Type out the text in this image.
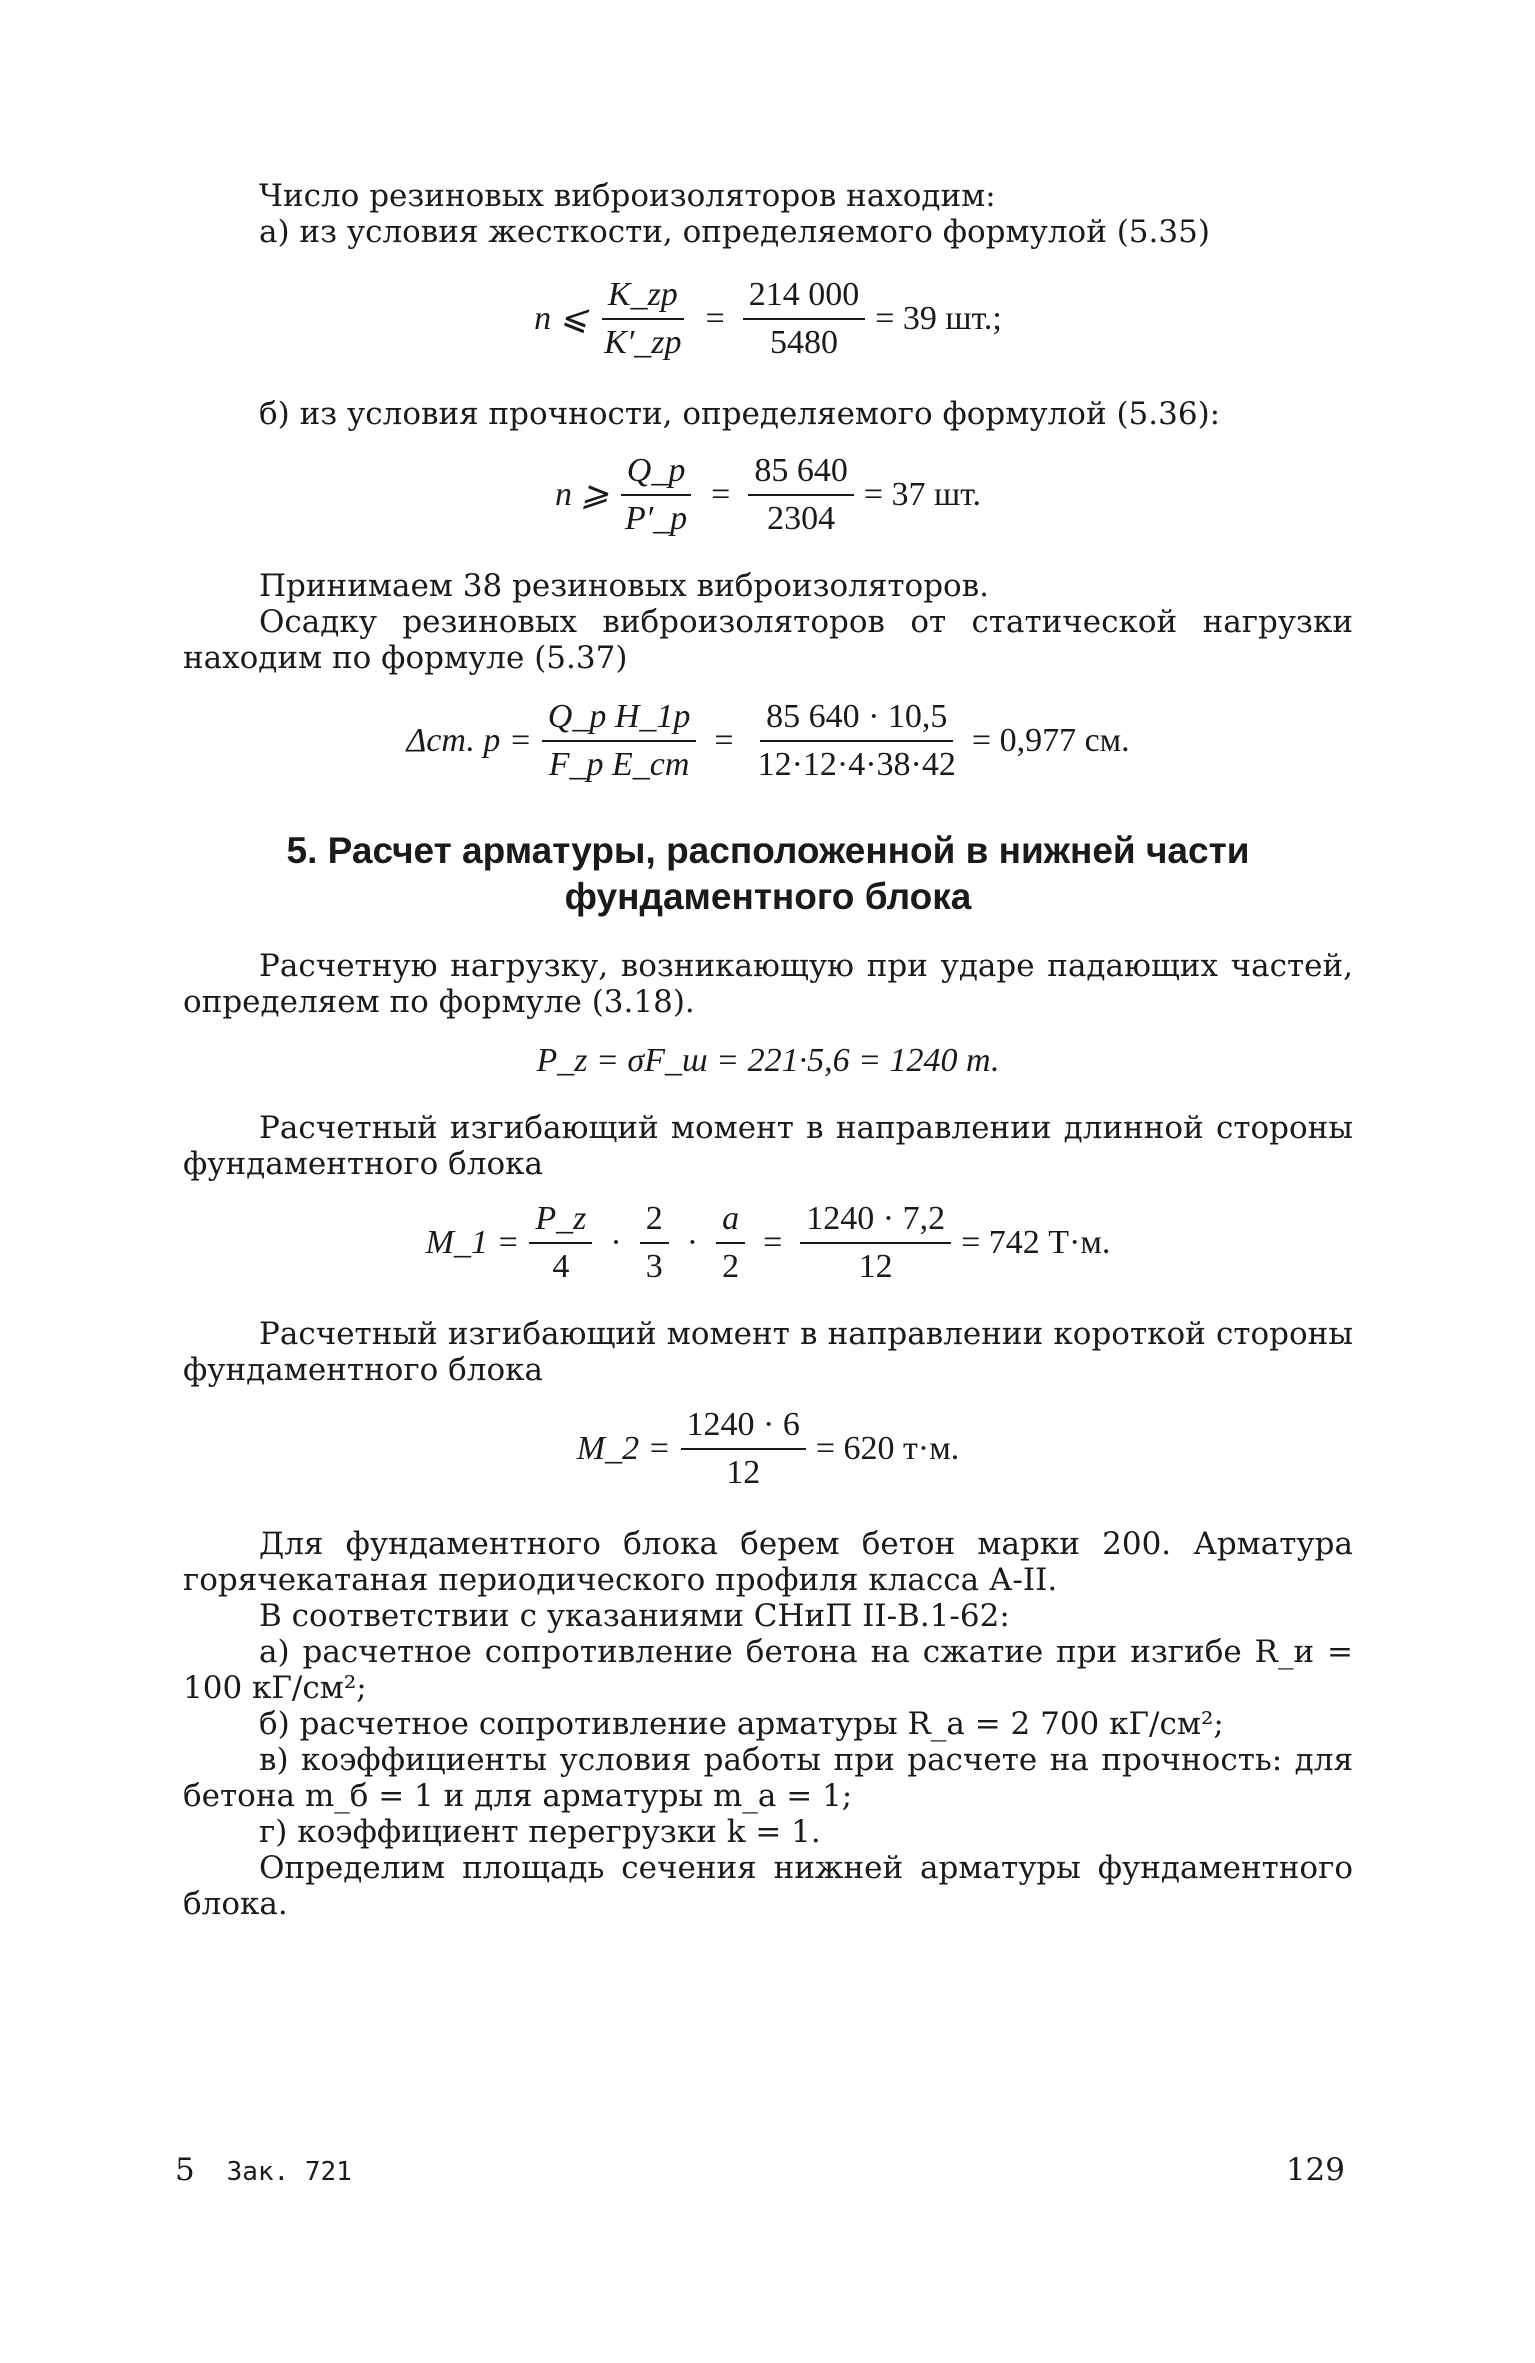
Число резиновых виброизоляторов находим:

а) из условия жесткости, определяемого формулой (5.35)

n ⩽ $\frac{K\_zp}{K'\_zp} = \frac{214 000}{5480} = 39$ шт.;

б) из условия прочности, определяемого формулой (5.36):

n ⩾ $\frac{Q\_p}{P'\_p} = \frac{85 640}{2304} = 37$ шт.

Принимаем 38 резиновых виброизоляторов.

Осадку резиновых виброизоляторов от статической нагрузки находим по формуле (5.37)

Δст. $р = \frac{\text{Q\_p H\_1p}}{\text{F\_p E\_ст}} = \frac{85 640 \cdot 10,5}{12\cdot 12\cdot 4\cdot 38\cdot 42} = 0,977$ см.
5. Расчет арматуры, расположенной в нижней части фундаментного блока

Расчетную нагрузку, возникающую при ударе падающих частей, определяем по формуле (3.18).

P_z = σF_ш = 221·5,6 = 1240 т.

Расчетный изгибающий момент в направлении длинной стороны фундаментного блока

M_1 = $\frac{P\_z}{4} \cdot \frac{2}{3} \cdot \frac{a}{2} = \frac{1240 \cdot 7,2}{12} = 742$ Т·м.

Расчетный изгибающий момент в направлении короткой стороны фундаментного блока

M_2 = $\frac{1240 \cdot 6}{12} = 620$ т·м.

Для фундаментного блока берем бетон марки 200. Арматура горячекатаная периодического профиля класса А-II.

В соответствии с указаниями СНиП II-В.1-62:

а) расчетное сопротивление бетона на сжатие при изгибе R_и = 100 кГ/см²;

б) расчетное сопротивление арматуры R_а = 2 700 кГ/см²;

в) коэффициенты условия работы при расчете на прочность: для бетона m_б = 1 и для арматуры m_а = 1;

г) коэффициент перегрузки k = 1.

Определим площадь сечения нижней арматуры фундаментного блока.

5 Зак. 721	129
